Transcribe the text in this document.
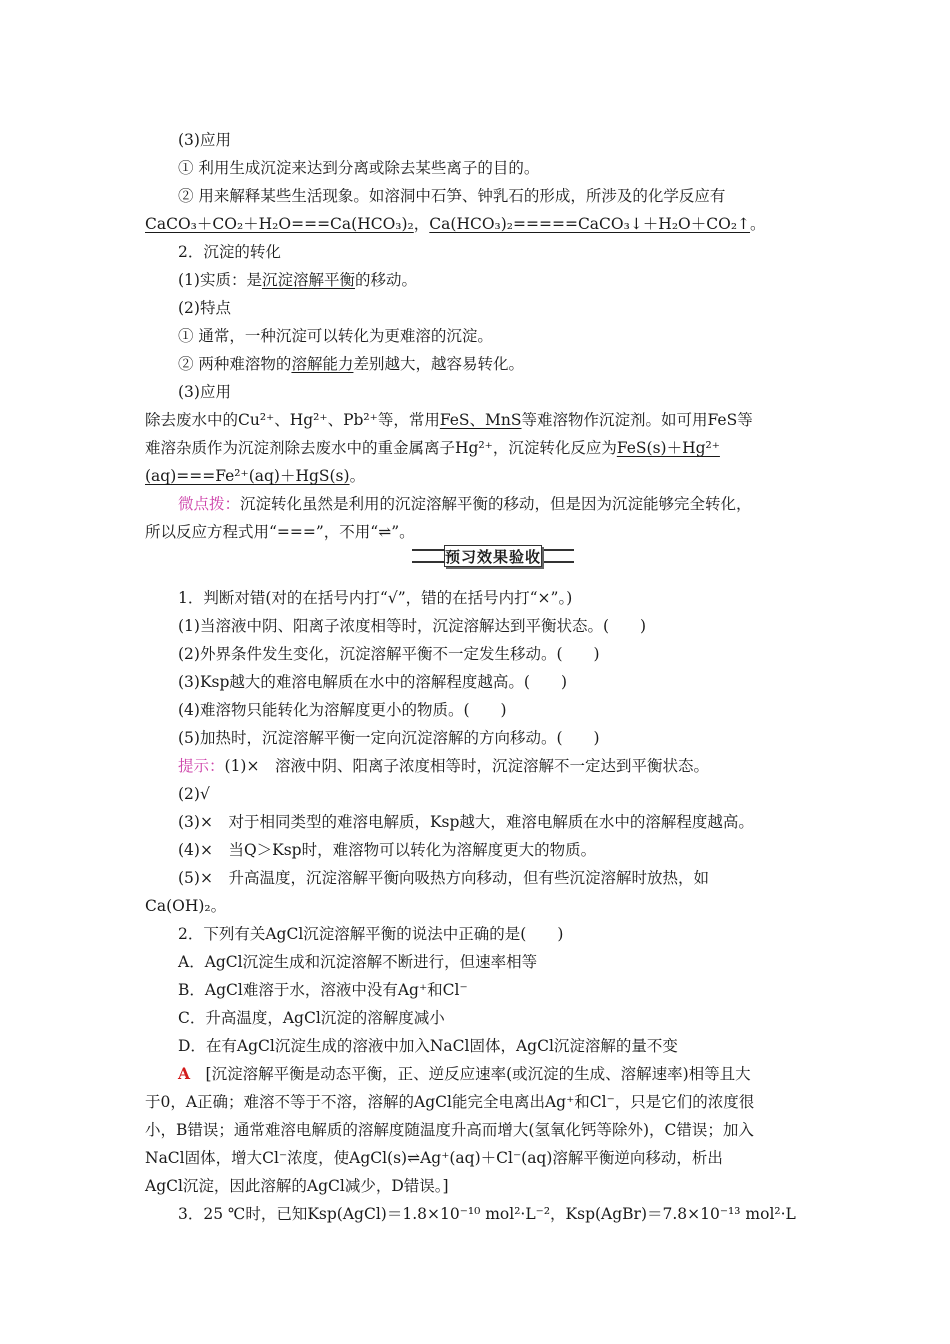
预习效果验收
(3)应用
① 利用生成沉淀来达到分离或除去某些离子的目的。
② 用来解释某些生活现象。如溶洞中石笋、钟乳石的形成，所涉及的化学反应有
CaCO₃＋CO₂＋H₂O===Ca(HCO₃)₂，Ca(HCO₃)₂=====CaCO₃↓＋H₂O＋CO₂↑。
2．沉淀的转化
(1)实质：是沉淀溶解平衡的移动。
(2)特点
① 通常，一种沉淀可以转化为更难溶的沉淀。
② 两种难溶物的溶解能力差别越大，越容易转化。
(3)应用
除去废水中的Cu²⁺、Hg²⁺、Pb²⁺等，常用FeS、MnS等难溶物作沉淀剂。如可用FeS等
难溶杂质作为沉淀剂除去废水中的重金属离子Hg²⁺，沉淀转化反应为FeS(s)＋Hg²⁺
(aq)===Fe²⁺(aq)＋HgS(s)。
微点拨：沉淀转化虽然是利用的沉淀溶解平衡的移动，但是因为沉淀能够完全转化，
所以反应方程式用“===”，不用“⇌”。
1．判断对错(对的在括号内打“√”，错的在括号内打“×”。)
(1)当溶液中阴、阳离子浓度相等时，沉淀溶解达到平衡状态。(　　)
(2)外界条件发生变化，沉淀溶解平衡不一定发生移动。(　　)
(3)Ksp越大的难溶电解质在水中的溶解程度越高。(　　)
(4)难溶物只能转化为溶解度更小的物质。(　　)
(5)加热时，沉淀溶解平衡一定向沉淀溶解的方向移动。(　　)
提示：(1)×　溶液中阴、阳离子浓度相等时，沉淀溶解不一定达到平衡状态。
(2)√
(3)×　对于相同类型的难溶电解质，Ksp越大，难溶电解质在水中的溶解程度越高。
(4)×　当Q＞Ksp时，难溶物可以转化为溶解度更大的物质。
(5)×　升高温度，沉淀溶解平衡向吸热方向移动，但有些沉淀溶解时放热，如
Ca(OH)₂。
2．下列有关AgCl沉淀溶解平衡的说法中正确的是(　　)
A．AgCl沉淀生成和沉淀溶解不断进行，但速率相等
B．AgCl难溶于水，溶液中没有Ag⁺和Cl⁻
C．升高温度，AgCl沉淀的溶解度减小
D．在有AgCl沉淀生成的溶液中加入NaCl固体，AgCl沉淀溶解的量不变
A　[沉淀溶解平衡是动态平衡，正、逆反应速率(或沉淀的生成、溶解速率)相等且大
于0，A正确；难溶不等于不溶，溶解的AgCl能完全电离出Ag⁺和Cl⁻，只是它们的浓度很
小，B错误；通常难溶电解质的溶解度随温度升高而增大(氢氧化钙等除外)，C错误；加入
NaCl固体，增大Cl⁻浓度，使AgCl(s)⇌Ag⁺(aq)＋Cl⁻(aq)溶解平衡逆向移动，析出
AgCl沉淀，因此溶解的AgCl减少，D错误。]
3．25 ℃时，已知Ksp(AgCl)＝1.8×10⁻¹⁰ mol²·L⁻²，Ksp(AgBr)＝7.8×10⁻¹³ mol²·L
